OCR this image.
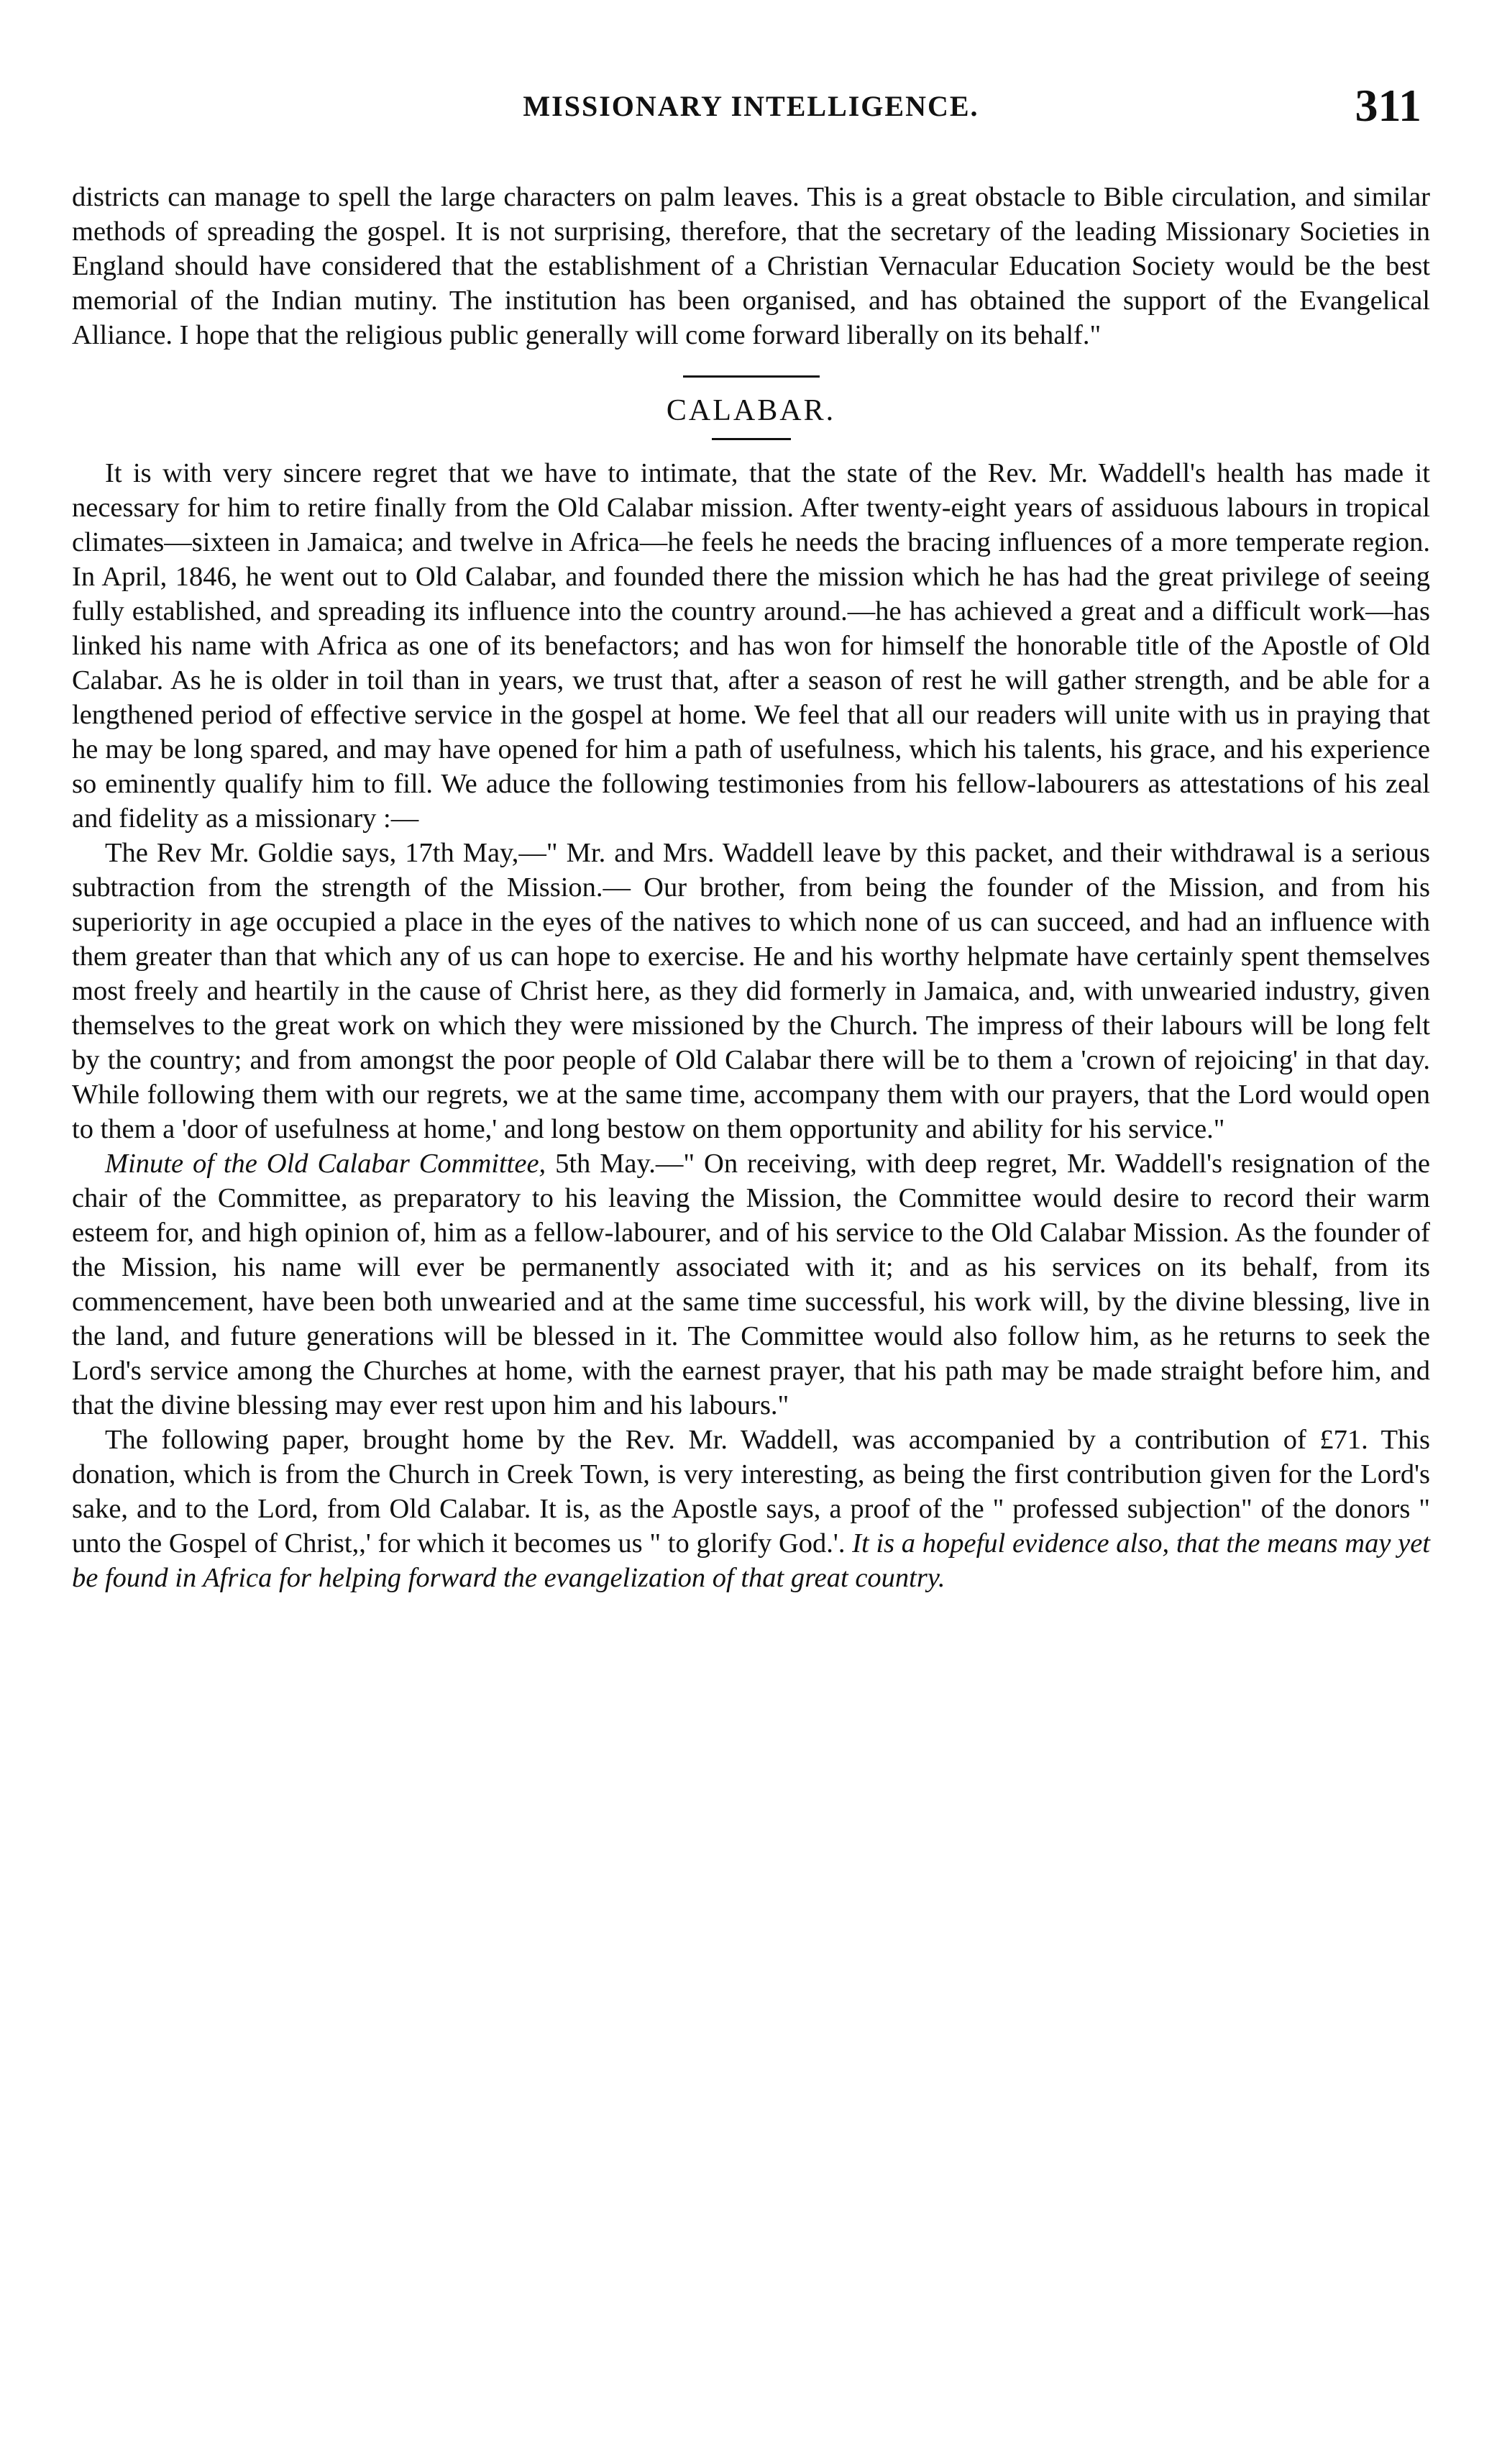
MISSIONARY INTELLIGENCE.	311

districts can manage to spell the large characters on palm leaves. This is a great obstacle to Bible circulation, and similar methods of spreading the gospel. It is not surprising, therefore, that the secretary of the leading Missionary Societies in England should have considered that the establishment of a Christian Vernacular Education Society would be the best memorial of the Indian mutiny. The institution has been organised, and has obtained the support of the Evangelical Alliance. I hope that the religious public generally will come forward liberally on its behalf."

CALABAR.

It is with very sincere regret that we have to intimate, that the state of the Rev. Mr. Waddell's health has made it necessary for him to retire finally from the Old Calabar mission. After twenty-eight years of assiduous labours in tropical climates—sixteen in Jamaica; and twelve in Africa—he feels he needs the bracing influences of a more temperate region. In April, 1846, he went out to Old Calabar, and founded there the mission which he has had the great privilege of seeing fully established, and spreading its influence into the country around.—he has achieved a great and a difficult work—has linked his name with Africa as one of its benefactors; and has won for himself the honorable title of the Apostle of Old Calabar. As he is older in toil than in years, we trust that, after a season of rest he will gather strength, and be able for a lengthened period of effective service in the gospel at home. We feel that all our readers will unite with us in praying that he may be long spared, and may have opened for him a path of usefulness, which his talents, his grace, and his experience so eminently qualify him to fill. We aduce the following testimonies from his fellow-labourers as attestations of his zeal and fidelity as a missionary :—

The Rev Mr. Goldie says, 17th May,—" Mr. and Mrs. Waddell leave by this packet, and their withdrawal is a serious subtraction from the strength of the Mission.— Our brother, from being the founder of the Mission, and from his superiority in age occupied a place in the eyes of the natives to which none of us can succeed, and had an influence with them greater than that which any of us can hope to exercise. He and his worthy helpmate have certainly spent themselves most freely and heartily in the cause of Christ here, as they did formerly in Jamaica, and, with unwearied industry, given themselves to the great work on which they were missioned by the Church. The impress of their labours will be long felt by the country; and from amongst the poor people of Old Calabar there will be to them a 'crown of rejoicing' in that day. While following them with our regrets, we at the same time, accompany them with our prayers, that the Lord would open to them a 'door of usefulness at home,' and long bestow on them opportunity and ability for his service."

Minute of the Old Calabar Committee, 5th May.—" On receiving, with deep regret, Mr. Waddell's resignation of the chair of the Committee, as preparatory to his leaving the Mission, the Committee would desire to record their warm esteem for, and high opinion of, him as a fellow-labourer, and of his service to the Old Calabar Mission. As the founder of the Mission, his name will ever be permanently associated with it; and as his services on its behalf, from its commencement, have been both unwearied and at the same time successful, his work will, by the divine blessing, live in the land, and future generations will be blessed in it. The Committee would also follow him, as he returns to seek the Lord's service among the Churches at home, with the earnest prayer, that his path may be made straight before him, and that the divine blessing may ever rest upon him and his labours."

The following paper, brought home by the Rev. Mr. Waddell, was accompanied by a contribution of £71. This donation, which is from the Church in Creek Town, is very interesting, as being the first contribution given for the Lord's sake, and to the Lord, from Old Calabar. It is, as the Apostle says, a proof of the " professed subjection" of the donors " unto the Gospel of Christ,,' for which it becomes us " to glorify God.'. It is a hopeful evidence also, that the means may yet be found in Africa for helping forward the evangelization of that great country.
